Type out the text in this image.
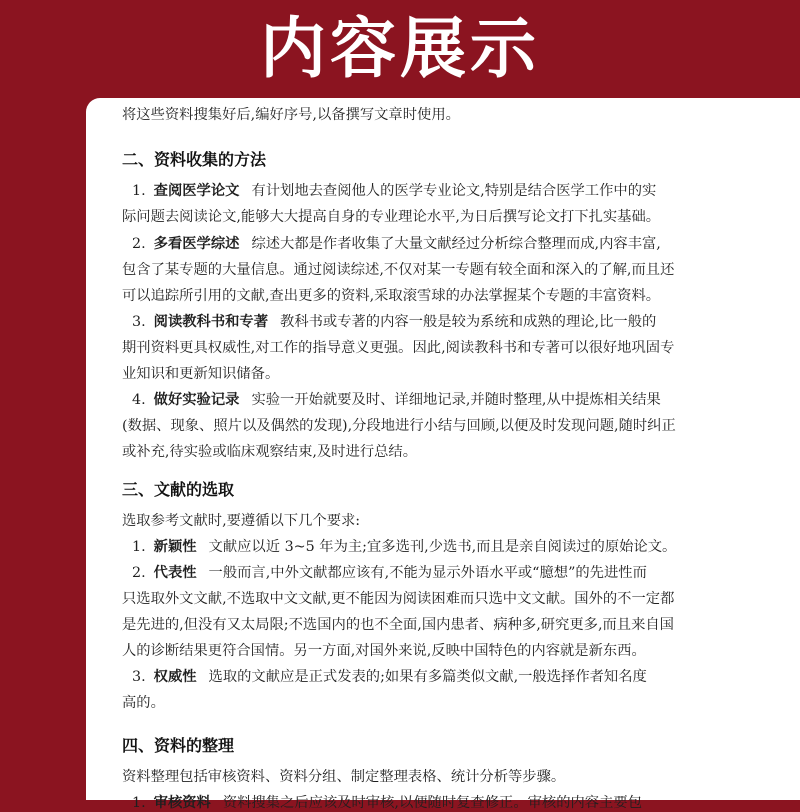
内容展示
将这些资料搜集好后,编好序号,以备撰写文章时使用。
二、资料收集的方法
1. 查阅医学论文 有计划地去查阅他人的医学专业论文,特别是结合医学工作中的实
际问题去阅读论文,能够大大提高自身的专业理论水平,为日后撰写论文打下扎实基础。
2. 多看医学综述 综述大都是作者收集了大量文献经过分析综合整理而成,内容丰富,
包含了某专题的大量信息。通过阅读综述,不仅对某一专题有较全面和深入的了解,而且还
可以追踪所引用的文献,查出更多的资料,采取滚雪球的办法掌握某个专题的丰富资料。
3. 阅读教科书和专著 教科书或专著的内容一般是较为系统和成熟的理论,比一般的
期刊资料更具权威性,对工作的指导意义更强。因此,阅读教科书和专著可以很好地巩固专
业知识和更新知识储备。
4. 做好实验记录 实验一开始就要及时、详细地记录,并随时整理,从中提炼相关结果
(数据、现象、照片以及偶然的发现),分段地进行小结与回顾,以便及时发现问题,随时纠正
或补充,待实验或临床观察结束,及时进行总结。
三、文献的选取
选取参考文献时,要遵循以下几个要求:
1. 新颖性 文献应以近 3~5 年为主;宜多选刊,少选书,而且是亲自阅读过的原始论文。
2. 代表性 一般而言,中外文献都应该有,不能为显示外语水平或“臆想”的先进性而
只选取外文文献,不选取中文文献,更不能因为阅读困难而只选中文文献。国外的不一定都
是先进的,但没有又太局限;不选国内的也不全面,国内患者、病种多,研究更多,而且来自国
人的诊断结果更符合国情。另一方面,对国外来说,反映中国特色的内容就是新东西。
3. 权威性 选取的文献应是正式发表的;如果有多篇类似文献,一般选择作者知名度
高的。
四、资料的整理
资料整理包括审核资料、资料分组、制定整理表格、统计分析等步骤。
1. 审核资料 资料搜集之后应该及时审核,以便随时复查修正。审核的内容主要包
